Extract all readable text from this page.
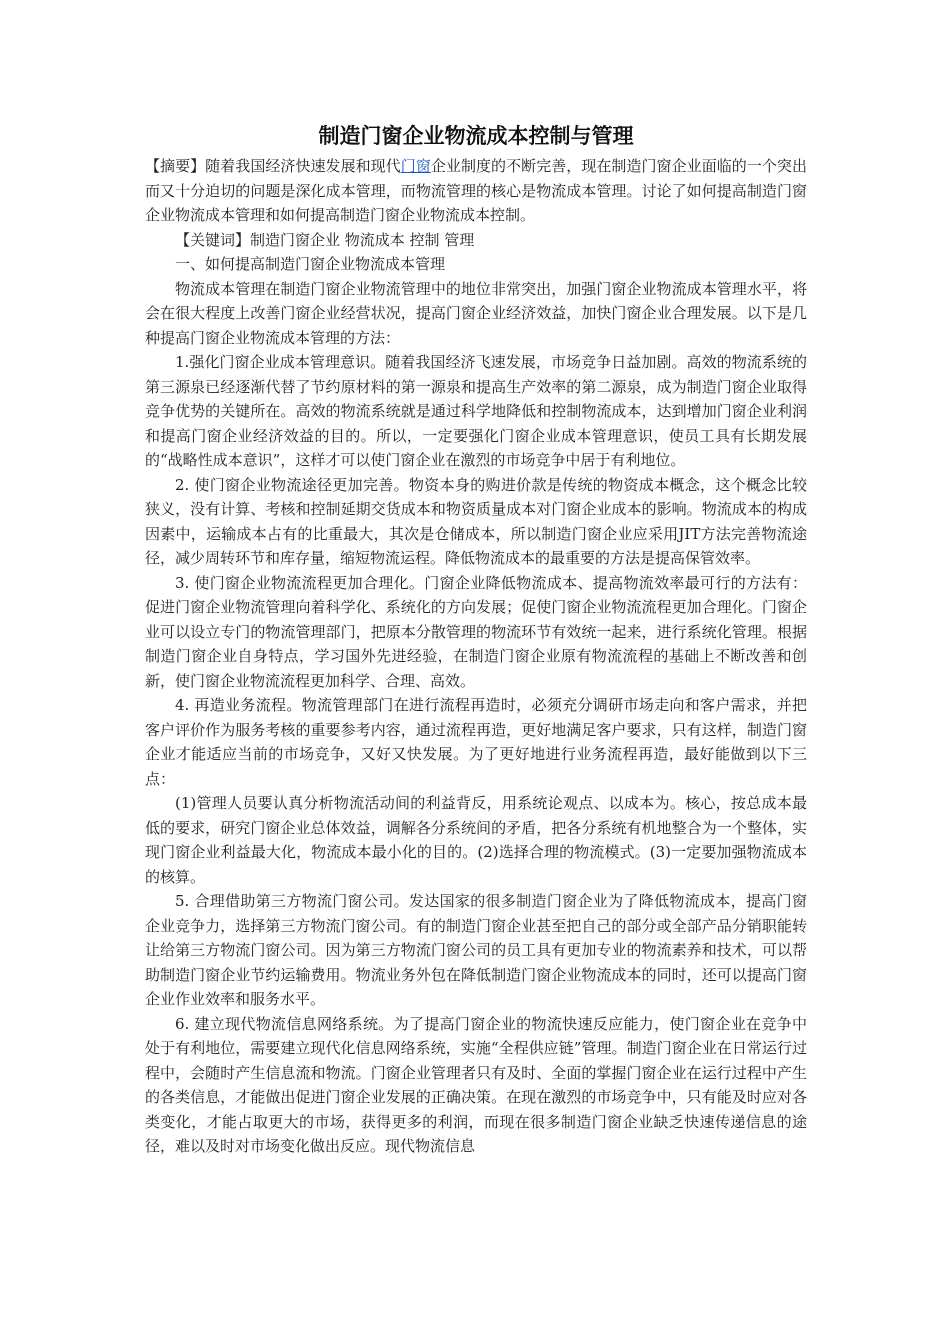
制造门窗企业物流成本控制与管理

【摘要】随着我国经济快速发展和现代门窗企业制度的不断完善，现在制造门窗企业面临的一个突出而又十分迫切的问题是深化成本管理，而物流管理的核心是物流成本管理。讨论了如何提高制造门窗企业物流成本管理和如何提高制造门窗企业物流成本控制。

【关键词】制造门窗企业 物流成本 控制 管理

一、如何提高制造门窗企业物流成本管理

物流成本管理在制造门窗企业物流管理中的地位非常突出，加强门窗企业物流成本管理水平，将会在很大程度上改善门窗企业经营状况，提高门窗企业经济效益，加快门窗企业合理发展。以下是几种提高门窗企业物流成本管理的方法：

1.强化门窗企业成本管理意识。随着我国经济飞速发展，市场竞争日益加剧。高效的物流系统的第三源泉已经逐渐代替了节约原材料的第一源泉和提高生产效率的第二源泉，成为制造门窗企业取得竞争优势的关键所在。高效的物流系统就是通过科学地降低和控制物流成本，达到增加门窗企业利润和提高门窗企业经济效益的目的。所以，一定要强化门窗企业成本管理意识，使员工具有长期发展的“战略性成本意识”，这样才可以使门窗企业在激烈的市场竞争中居于有利地位。

2. 使门窗企业物流途径更加完善。物资本身的购进价款是传统的物资成本概念，这个概念比较狭义，没有计算、考核和控制延期交货成本和物资质量成本对门窗企业成本的影响。物流成本的构成因素中，运输成本占有的比重最大，其次是仓储成本，所以制造门窗企业应采用JIT方法完善物流途径，减少周转环节和库存量，缩短物流运程。降低物流成本的最重要的方法是提高保管效率。

3. 使门窗企业物流流程更加合理化。门窗企业降低物流成本、提高物流效率最可行的方法有：促进门窗企业物流管理向着科学化、系统化的方向发展；促使门窗企业物流流程更加合理化。门窗企业可以设立专门的物流管理部门，把原本分散管理的物流环节有效统一起来，进行系统化管理。根据制造门窗企业自身特点，学习国外先进经验，在制造门窗企业原有物流流程的基础上不断改善和创新，使门窗企业物流流程更加科学、合理、高效。

4. 再造业务流程。物流管理部门在进行流程再造时，必须充分调研市场走向和客户需求，并把客户评价作为服务考核的重要参考内容，通过流程再造，更好地满足客户要求，只有这样，制造门窗企业才能适应当前的市场竞争，又好又快发展。为了更好地进行业务流程再造，最好能做到以下三点：

(1)管理人员要认真分析物流活动间的利益背反，用系统论观点、以成本为。核心，按总成本最低的要求，研究门窗企业总体效益，调解各分系统间的矛盾，把各分系统有机地整合为一个整体，实现门窗企业利益最大化，物流成本最小化的目的。(2)选择合理的物流模式。(3)一定要加强物流成本的核算。

5. 合理借助第三方物流门窗公司。发达国家的很多制造门窗企业为了降低物流成本，提高门窗企业竞争力，选择第三方物流门窗公司。有的制造门窗企业甚至把自己的部分或全部产品分销职能转让给第三方物流门窗公司。因为第三方物流门窗公司的员工具有更加专业的物流素养和技术，可以帮助制造门窗企业节约运输费用。物流业务外包在降低制造门窗企业物流成本的同时，还可以提高门窗企业作业效率和服务水平。

6. 建立现代物流信息网络系统。为了提高门窗企业的物流快速反应能力，使门窗企业在竞争中处于有利地位，需要建立现代化信息网络系统，实施“全程供应链”管理。制造门窗企业在日常运行过程中，会随时产生信息流和物流。门窗企业管理者只有及时、全面的掌握门窗企业在运行过程中产生的各类信息，才能做出促进门窗企业发展的正确决策。在现在激烈的市场竞争中，只有能及时应对各类变化，才能占取更大的市场，获得更多的利润，而现在很多制造门窗企业缺乏快速传递信息的途径，难以及时对市场变化做出反应。现代物流信息
